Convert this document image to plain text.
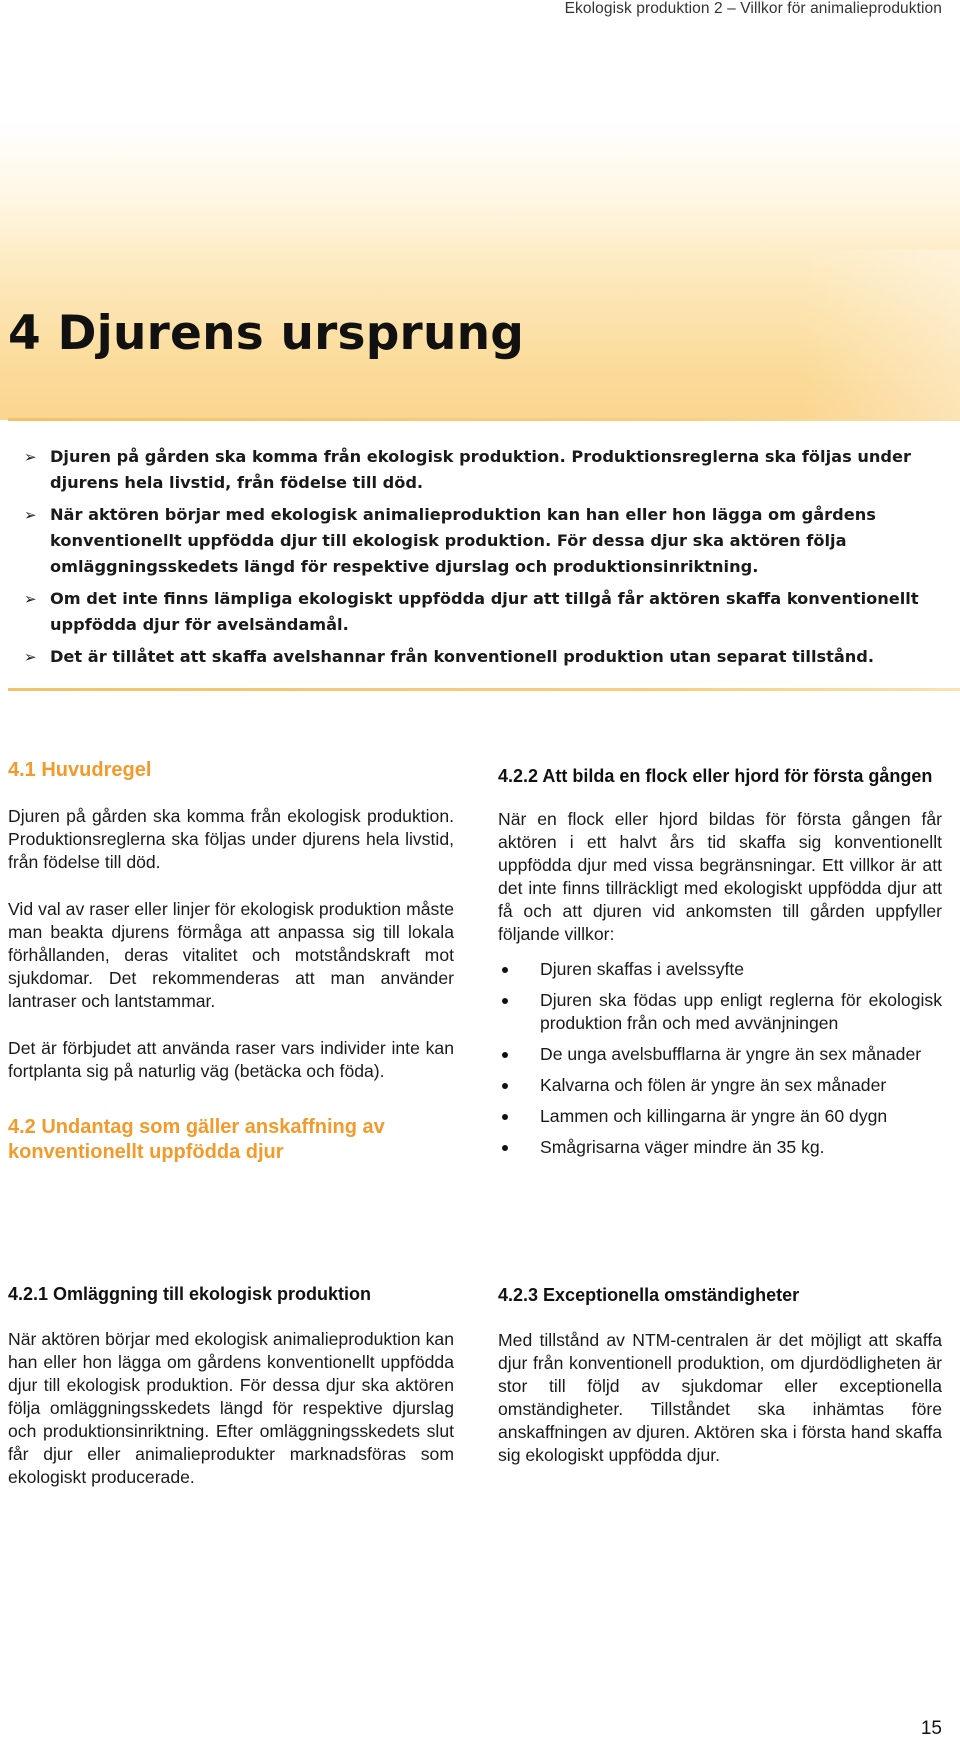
Ekologisk produktion 2 – Villkor för animalieproduktion
4 Djurens ursprung
➢ Djuren på gården ska komma från ekologisk produktion. Produktionsreglerna ska följas under djurens hela livstid, från födelse till död.
➢ När aktören börjar med ekologisk animalieproduktion kan han eller hon lägga om gårdens konventionellt uppfödda djur till ekologisk produktion. För dessa djur ska aktören följa omläggningsskedets längd för respektive djurslag och produktionsinriktning.
➢ Om det inte finns lämpliga ekologiskt uppfödda djur att tillgå får aktören skaffa konventionellt uppfödda djur för avelsändamål.
➢ Det är tillåtet att skaffa avelshannar från konventionell produktion utan separat tillstånd.
4.1 Huvudregel

Djuren på gården ska komma från ekologisk produktion. Produktionsreglerna ska följas under djurens hela livstid, från födelse till död.

Vid val av raser eller linjer för ekologisk produktion måste man beakta djurens förmåga att anpassa sig till lokala förhållanden, deras vitalitet och motståndskraft mot sjukdomar. Det rekommenderas att man använder lantraser och lantstammar.

Det är förbjudet att använda raser vars individer inte kan fortplanta sig på naturlig väg (betäcka och föda).

4.2 Undantag som gäller anskaffning av konventionellt uppfödda djur
4.2.2 Att bilda en flock eller hjord för första gången

När en flock eller hjord bildas för första gången får aktören i ett halvt års tid skaffa sig konventionellt uppfödda djur med vissa begränsningar. Ett villkor är att det inte finns tillräckligt med ekologiskt uppfödda djur att få och att djuren vid ankomsten till gården uppfyller följande villkor:

Djuren skaffas i avelssyfte
Djuren ska födas upp enligt reglerna för ekologisk produktion från och med avvänjningen
De unga avelsbufflarna är yngre än sex månader
Kalvarna och fölen är yngre än sex månader
Lammen och killingarna är yngre än 60 dygn
Smågrisarna väger mindre än 35 kg.
4.2.1 Omläggning till ekologisk produktion

När aktören börjar med ekologisk animalieproduktion kan han eller hon lägga om gårdens konventionellt uppfödda djur till ekologisk produktion. För dessa djur ska aktören följa omläggningsskedets längd för respektive djurslag och produktionsinriktning. Efter omläggningsskedets slut får djur eller animalieprodukter marknadsföras som ekologiskt producerade.

4.2.3 Exceptionella omständigheter

Med tillstånd av NTM-centralen är det möjligt att skaffa djur från konventionell produktion, om djurdödligheten är stor till följd av sjukdomar eller exceptionella omständigheter. Tillståndet ska inhämtas före anskaffningen av djuren. Aktören ska i första hand skaffa sig ekologiskt uppfödda djur.

15
